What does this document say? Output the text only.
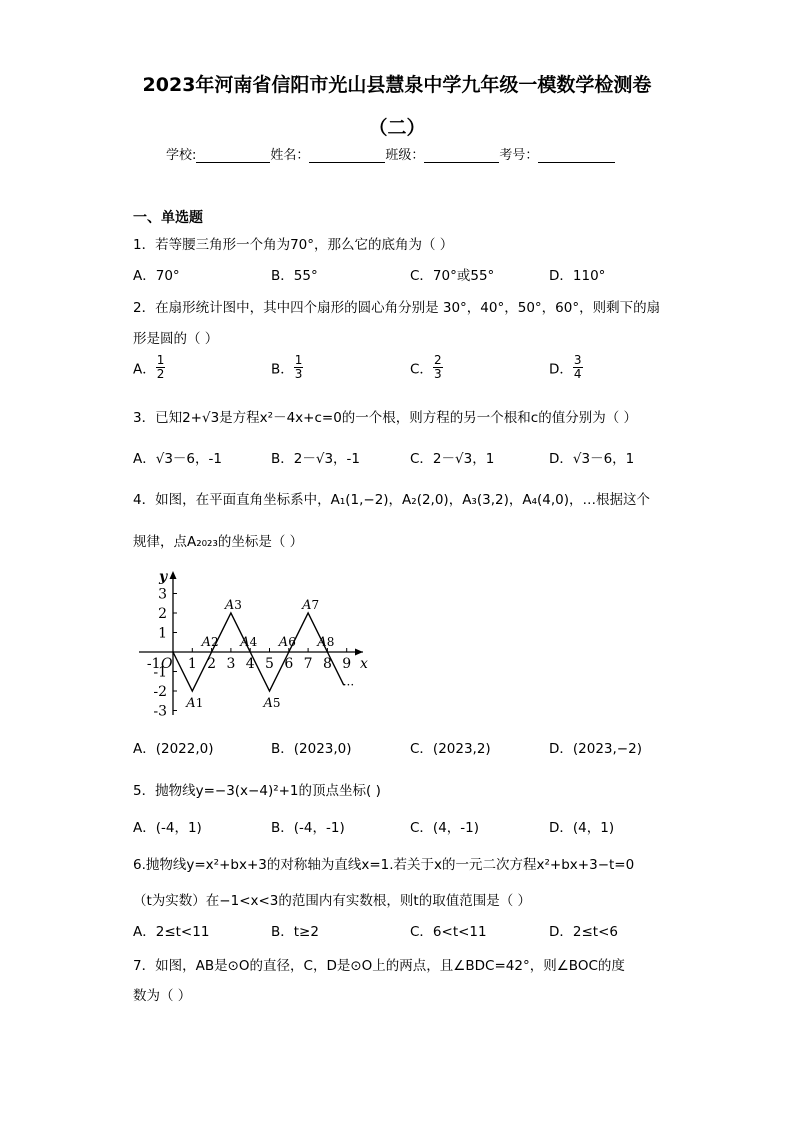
2023年河南省信阳市光山县慧泉中学九年级一模数学检测卷
（二）
学校:	姓名：	班级：	考号：
一、单选题
1．若等腰三角形一个角为70°，那么它的底角为（ ）
A．70°	B．55°	C．70°或55°	D．110°
2．在扇形统计图中，其中四个扇形的圆心角分别是 30°，40°，50°，60°，则剩下的扇
形是圆的（ ）
A． $\frac{1}{2}$	B． $\frac{1}{3}$	C． $\frac{2}{3}$	D． $\frac{3}{4}$
3．已知2+√3是方程x²－4x+c=0的一个根，则方程的另一个根和c的值分别为（ ）
A．√3－6，-1	B．2－√3，-1	C．2－√3，1	D．√3－6，1
4．如图，在平面直角坐标系中，A₁(1,−2)，A₂(2,0)，A₃(3,2)，A₄(4,0)，…根据这个
规律，点A₂₀₂₃的坐标是（ ）
x
y
O
-1 1 2 3 4 5 6 7 8 9
3
2
1
-1
-2
-3 A1
A2
A3
A4
A5
A6
A7
A8
...
A．(2022,0)	B．(2023,0)	C．(2023,2)	D．(2023,−2)
5．抛物线y=−3(x−4)²+1的顶点坐标( )
A．(-4，1)	B．(-4，-1)	C．(4，-1)	D．(4，1)
6.抛物线y=x²+bx+3的对称轴为直线x=1.若关于x的一元二次方程x²+bx+3−t=0
（t为实数）在−1<x<3的范围内有实数根，则t的取值范围是（ ）
A．2≤t<11	B．t≥2	C．6<t<11	D．2≤t<6
7．如图，AB是⊙O的直径，C，D是⊙O上的两点，且∠BDC=42°，则∠BOC的度
数为（ ）
